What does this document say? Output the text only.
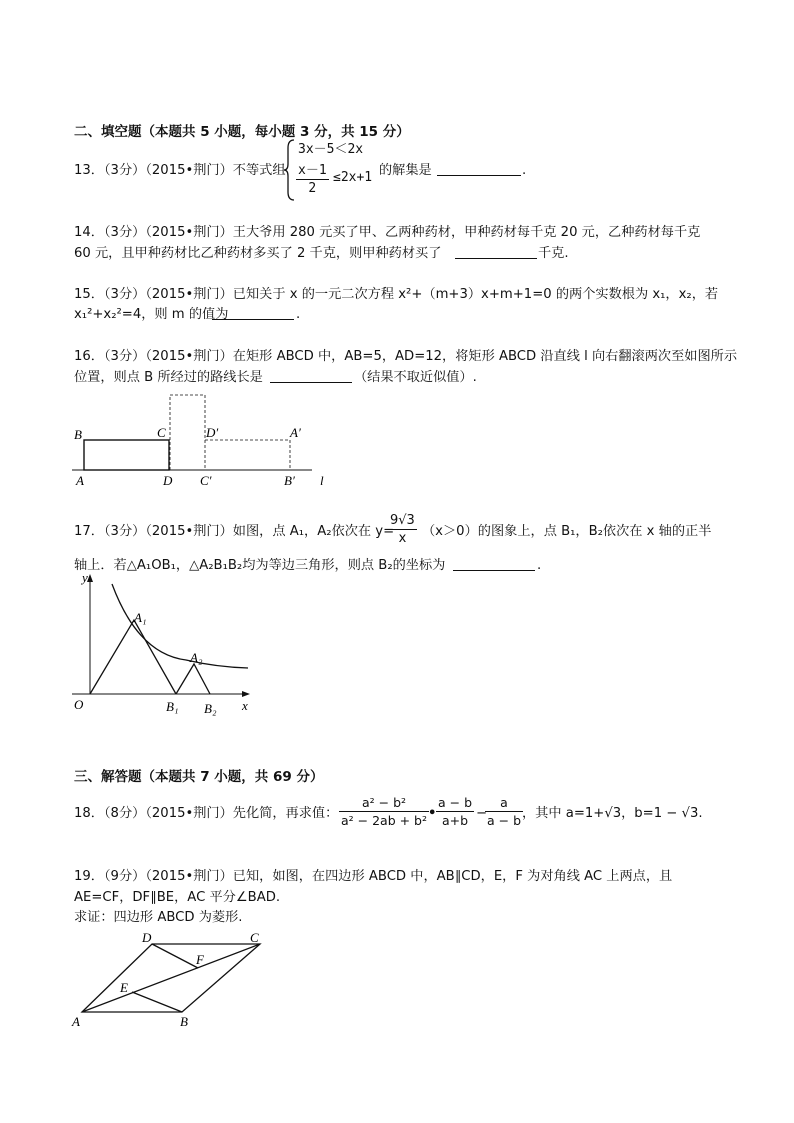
二、填空题（本题共 5 小题，每小题 3 分，共 15 分）
13．（3分）（2015•荆门）不等式组
3x－5＜2x
$\frac{x-1}{2} \le 2x+1$ 的解集是	.
14．（3分）（2015•荆门）王大爷用 280 元买了甲、乙两种药材，甲种药材每千克 20 元，乙种药材每千克
60 元，且甲种药材比乙种药材多买了 2 千克，则甲种药材买了	千克.
15．（3分）（2015•荆门）已知关于 x 的一元二次方程 x²+（m+3）x+m+1=0 的两个实数根为 x₁，x₂，若
x₁²+x₂²=4，则 m 的值为	.
16．（3分）（2015•荆门）在矩形 ABCD 中，AB=5，AD=12，将矩形 ABCD 沿直线 l 向右翻滚两次至如图所示
位置，则点 B 所经过的路线长是	（结果不取近似值）.
B	C	D′	A′
A	D C′	B′ l
17．（3分）（2015•荆门）如图，点 A₁，A₂依次在 y=
$\frac{9√3}{x} (x>0)$的图象上，点 B₁，B₂依次在 x 轴的正半
轴上．若△A₁OB₁，△A₂B₁B₂均为等边三角形，则点 B₂的坐标为	.
y
x
O
A₁
A₂
B₁ B₂
三、解答题（本题共 7 小题，共 69 分）
18．（8分）（2015•荆门）先化简，再求值： $\frac{\text{a² − b²}}{\text{a² − 2ab + b²}}$
• $\frac{a - b}{a+b}$ −
$\frac{a}{a - b}$
，其中 a=1+√3，b=1 − √3.
19．（9分）（2015•荆门）已知，如图，在四边形 ABCD 中，AB∥CD，E，F 为对角线 AC 上两点，且
AE=CF，DF∥BE，AC 平分∠BAD.
求证：四边形 ABCD 为菱形.
D	C
F
E
A	B
